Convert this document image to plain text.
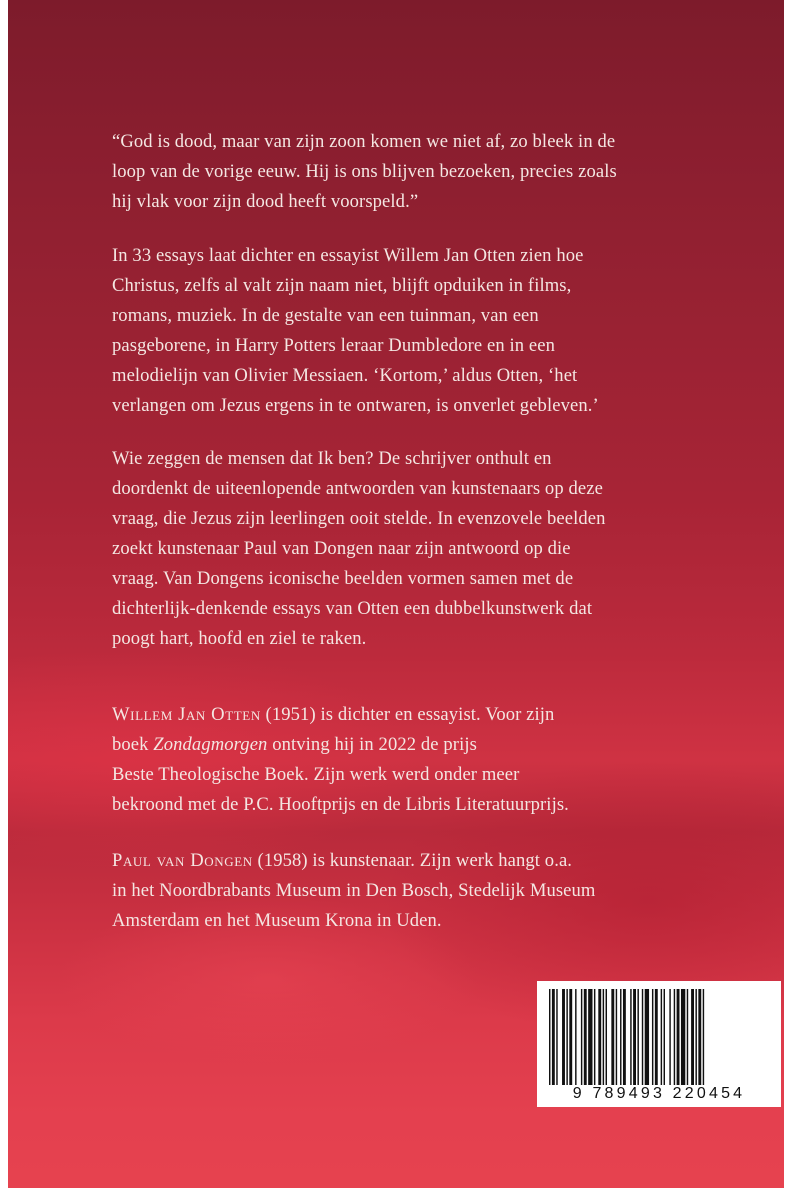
“God is dood, maar van zijn zoon komen we niet af, zo bleek in de

loop van de vorige eeuw. Hij is ons blijven bezoeken, precies zoals

hij vlak voor zijn dood heeft voorspeld.”

In 33 essays laat dichter en essayist Willem Jan Otten zien hoe

Christus, zelfs al valt zijn naam niet, blijft opduiken in films,

romans, muziek. In de gestalte van een tuinman, van een

pasgeborene, in Harry Potters leraar Dumbledore en in een

melodielijn van Olivier Messiaen. ‘Kortom,’ aldus Otten, ‘het

verlangen om Jezus ergens in te ontwaren, is onverlet gebleven.’

Wie zeggen de mensen dat Ik ben? De schrijver onthult en

doordenkt de uiteenlopende antwoorden van kunstenaars op deze

vraag, die Jezus zijn leerlingen ooit stelde. In evenzovele beelden

zoekt kunstenaar Paul van Dongen naar zijn antwoord op die

vraag. Van Dongens iconische beelden vormen samen met de

dichterlijk-denkende essays van Otten een dubbelkunstwerk dat

poogt hart, hoofd en ziel te raken.

Willem Jan Otten (1951) is dichter en essayist. Voor zijn

boek Zondagmorgen ontving hij in 2022 de prijs

Beste Theologische Boek. Zijn werk werd onder meer

bekroond met de P.C. Hooftprijs en de Libris Literatuurprijs.

Paul van Dongen (1958) is kunstenaar. Zijn werk hangt o.a.

in het Noordbrabants Museum in Den Bosch, Stedelijk Museum

Amsterdam en het Museum Krona in Uden.

9 789493 220454
